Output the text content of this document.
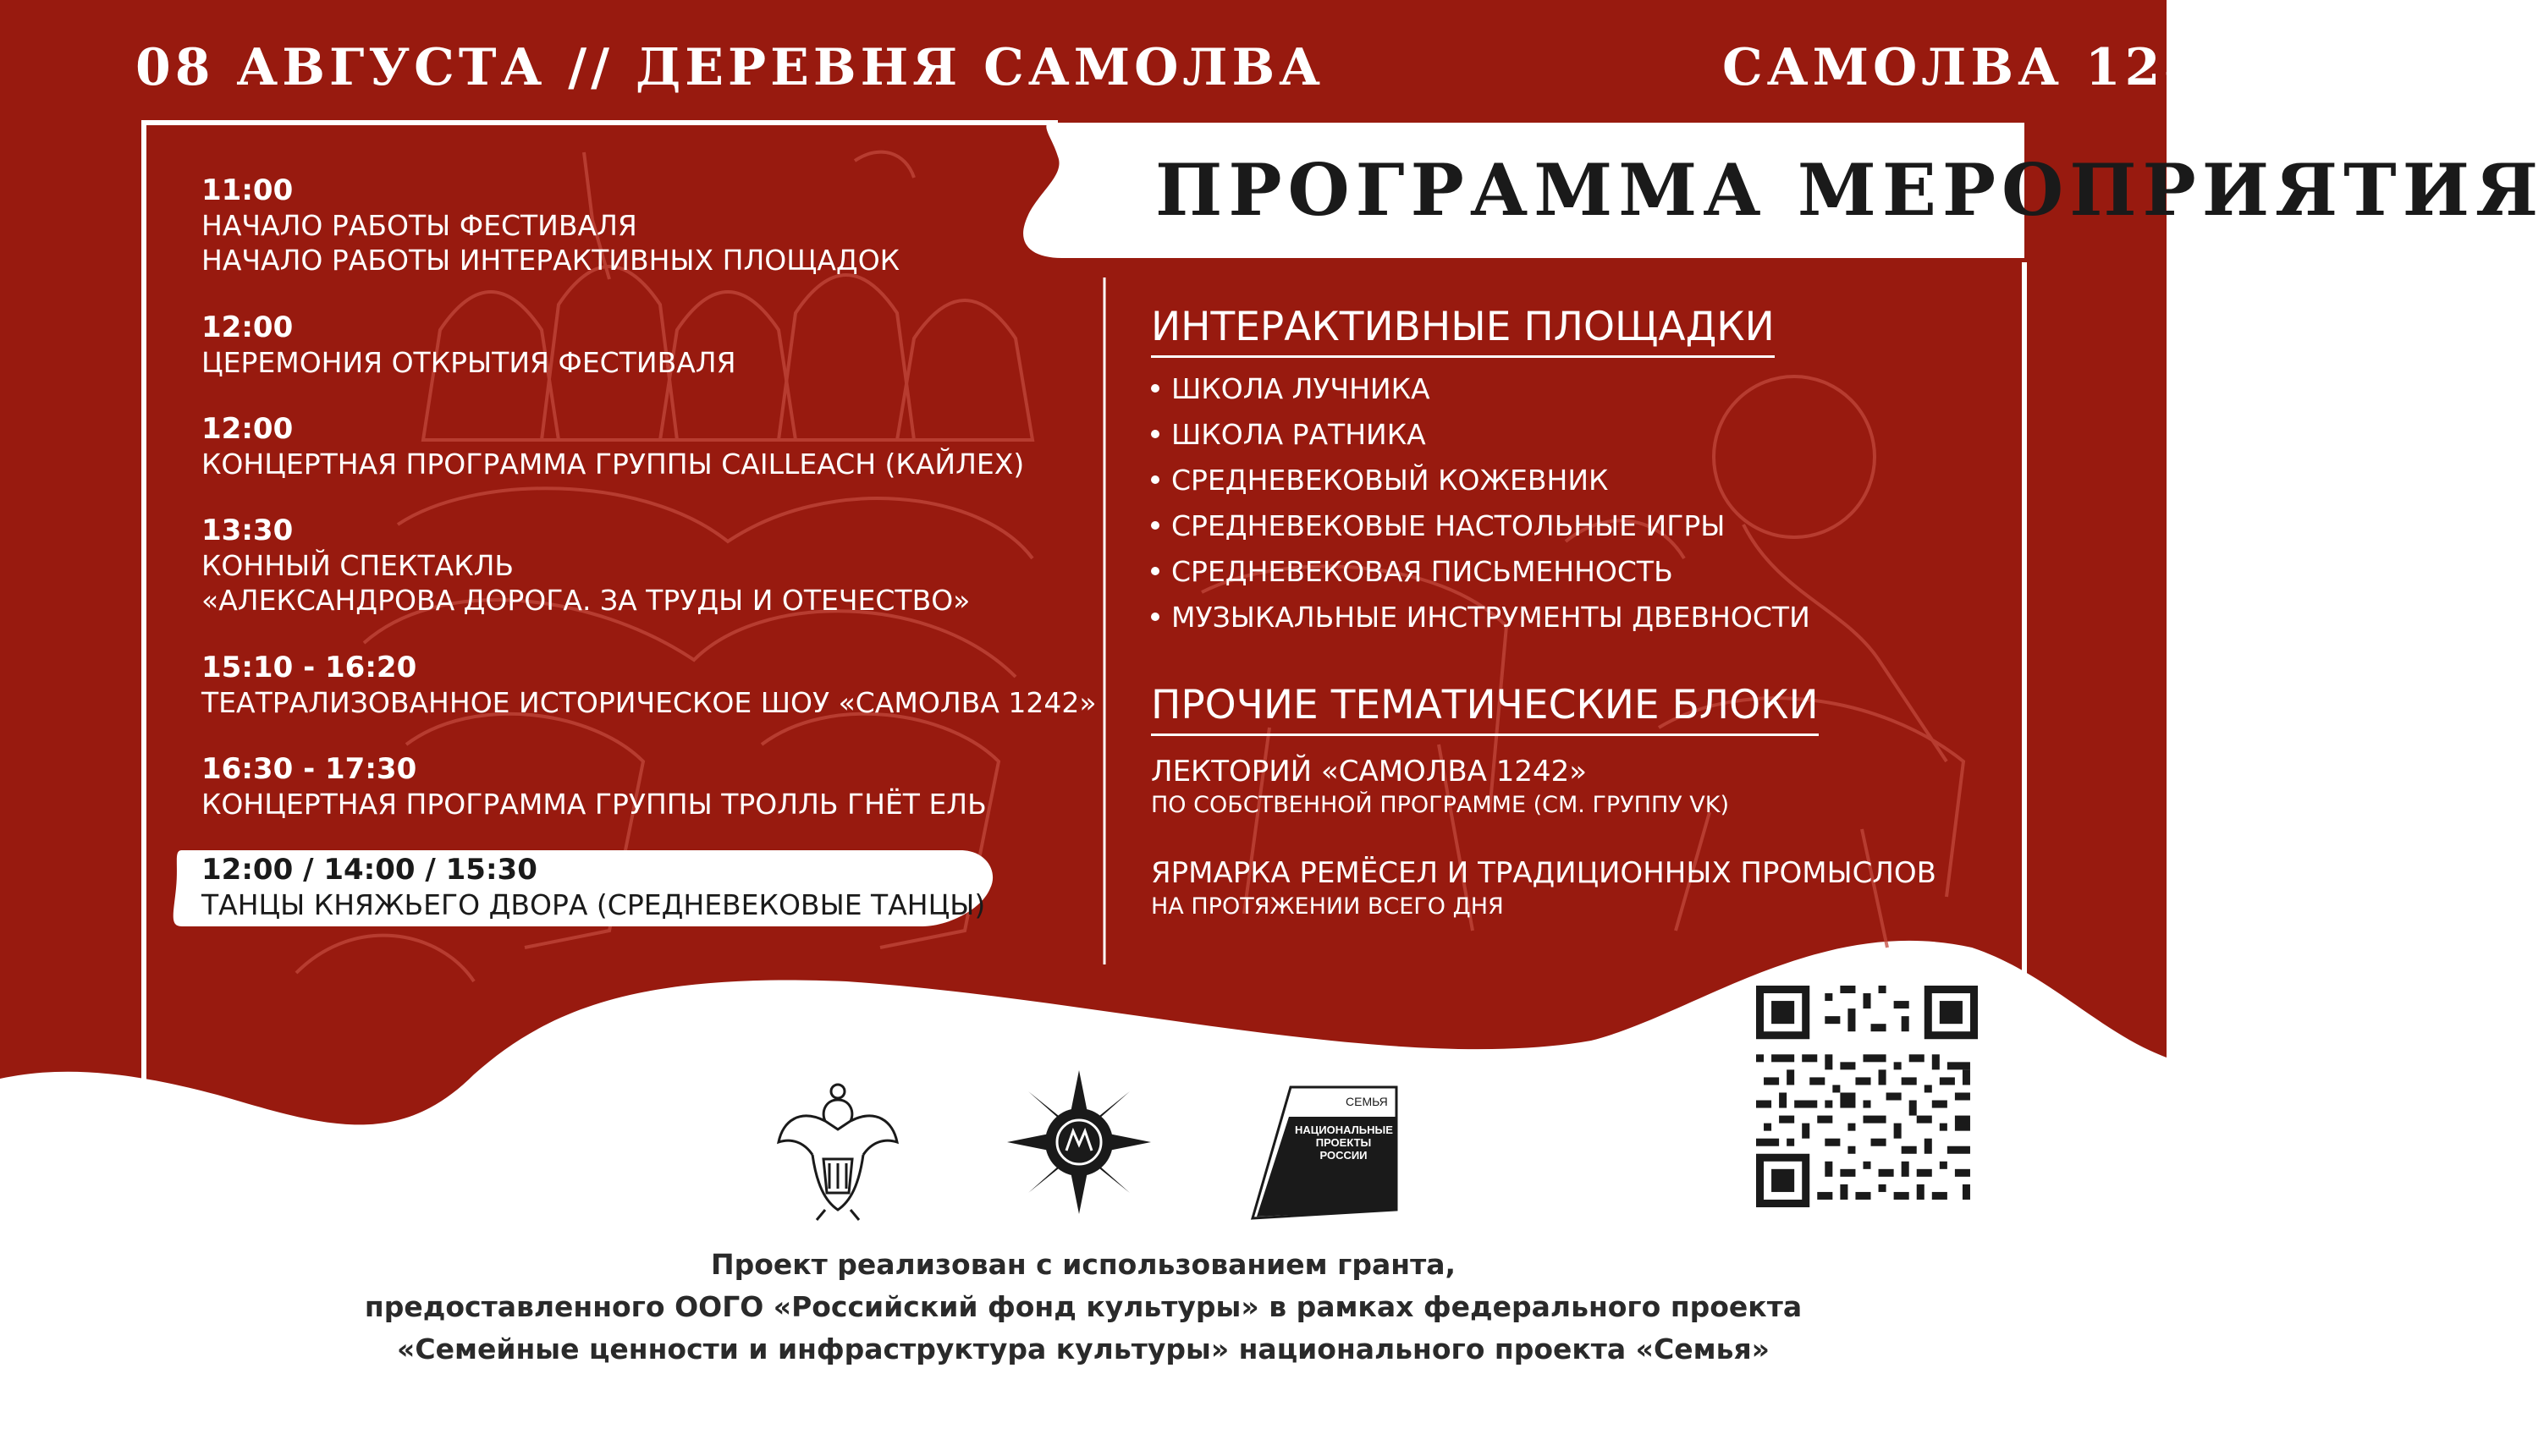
08 АВГУСТА // ДЕРЕВНЯ САМОЛВА	САМОЛВА 1242
ПРОГРАММА МЕРОПРИЯТИЯ
11:00
НАЧАЛО РАБОТЫ ФЕСТИВАЛЯ
НАЧАЛО РАБОТЫ ИНТЕРАКТИВНЫХ ПЛОЩАДОК
12:00
ЦЕРЕМОНИЯ ОТКРЫТИЯ ФЕСТИВАЛЯ
12:00
КОНЦЕРТНАЯ ПРОГРАММА ГРУППЫ CAILLEACH (КАЙЛЕХ)
13:30
КОННЫЙ СПЕКТАКЛЬ
«АЛЕКСАНДРОВА ДОРОГА. ЗА ТРУДЫ И ОТЕЧЕСТВО»
15:10 - 16:20
ТЕАТРАЛИЗОВАННОЕ ИСТОРИЧЕСКОЕ ШОУ «САМОЛВА 1242»
16:30 - 17:30
КОНЦЕРТНАЯ ПРОГРАММА ГРУППЫ ТРОЛЛЬ ГНЁТ ЕЛЬ
12:00 / 14:00 / 15:30
ТАНЦЫ КНЯЖЬЕГО ДВОРА (СРЕДНЕВЕКОВЫЕ ТАНЦЫ)
ИНТЕРАКТИВНЫЕ ПЛОЩАДКИ
ШКОЛА ЛУЧНИКА
ШКОЛА РАТНИКА
СРЕДНЕВЕКОВЫЙ КОЖЕВНИК
СРЕДНЕВЕКОВЫЕ НАСТОЛЬНЫЕ ИГРЫ
СРЕДНЕВЕКОВАЯ ПИСЬМЕННОСТЬ
МУЗЫКАЛЬНЫЕ ИНСТРУМЕНТЫ ДВЕВНОСТИ
ПРОЧИЕ ТЕМАТИЧЕСКИЕ БЛОКИ
ЛЕКТОРИЙ «САМОЛВА 1242»
ПО СОБСТВЕННОЙ ПРОГРАММЕ (СМ. ГРУППУ VK)
ЯРМАРКА РЕМЁСЕЛ И ТРАДИЦИОННЫХ ПРОМЫСЛОВ
НА ПРОТЯЖЕНИИ ВСЕГО ДНЯ
СЕМЬЯ
НАЦИОНАЛЬНЫЕ
ПРОЕКТЫ
РОССИИ
Проект реализован с использованием гранта,
предоставленного ООГО «Российский фонд культуры» в рамках федерального проекта
«Семейные ценности и инфраструктура культуры» национального проекта «Семья»
